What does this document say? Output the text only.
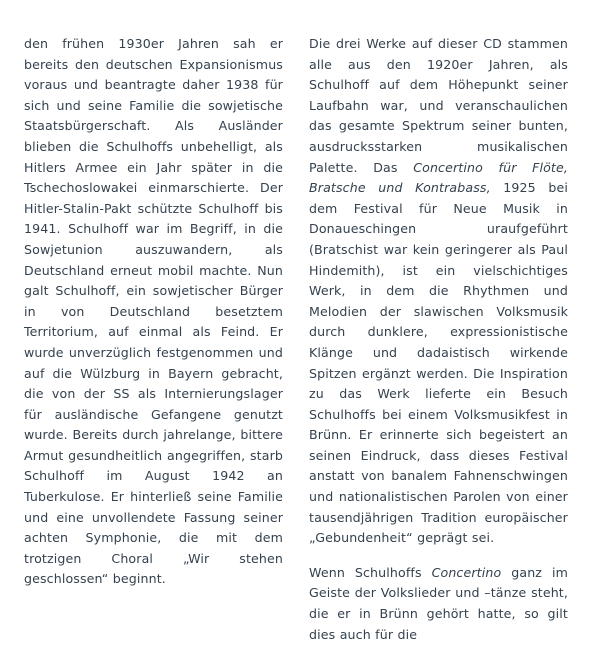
den frühen 1930er Jahren sah er bereits den deutschen Expansionismus voraus und beantragte daher 1938 für sich und seine Familie die sowjetische Staatsbürgerschaft. Als Ausländer blieben die Schulhoffs unbehelligt, als Hitlers Armee ein Jahr später in die Tschechoslowakei einmarschierte. Der Hitler-Stalin-Pakt schützte Schulhoff bis 1941. Schulhoff war im Begriff, in die Sowjetunion auszuwandern, als Deutschland erneut mobil machte. Nun galt Schulhoff, ein sowjetischer Bürger in von Deutschland besetztem Territorium, auf einmal als Feind. Er wurde unverzüglich festgenommen und auf die Wülzburg in Bayern gebracht, die von der SS als Internierungslager für ausländische Gefangene genutzt wurde. Bereits durch jahrelange, bittere Armut gesundheitlich angegriffen, starb Schulhoff im August 1942 an Tuberkulose. Er hinterließ seine Familie und eine unvollendete Fassung seiner achten Symphonie, die mit dem trotzigen Choral „Wir stehen geschlossen“ beginnt.

Die drei Werke auf dieser CD stammen alle aus den 1920er Jahren, als Schulhoff auf dem Höhepunkt seiner Laufbahn war, und veranschaulichen das gesamte Spektrum seiner bunten, ausdrucksstarken musikalischen Palette. Das Concertino für Flöte, Bratsche und Kontrabass, 1925 bei dem Festival für Neue Musik in Donaueschingen uraufgeführt (Bratschist war kein geringerer als Paul Hindemith), ist ein vielschichtiges Werk, in dem die Rhythmen und Melodien der slawischen Volksmusik durch dunklere, expressionistische Klänge und dadaistisch wirkende Spitzen ergänzt werden. Die Inspiration zu das Werk lieferte ein Besuch Schulhoffs bei einem Volksmusikfest in Brünn. Er erinnerte sich begeistert an seinen Eindruck, dass dieses Festival anstatt von banalem Fahnenschwingen und nationalistischen Parolen von einer tausendjährigen Tradition europäischer „Gebundenheit“ geprägt sei.

Wenn Schulhoffs Concertino ganz im Geiste der Volkslieder und –tänze steht, die er in Brünn gehört hatte, so gilt dies auch für die
